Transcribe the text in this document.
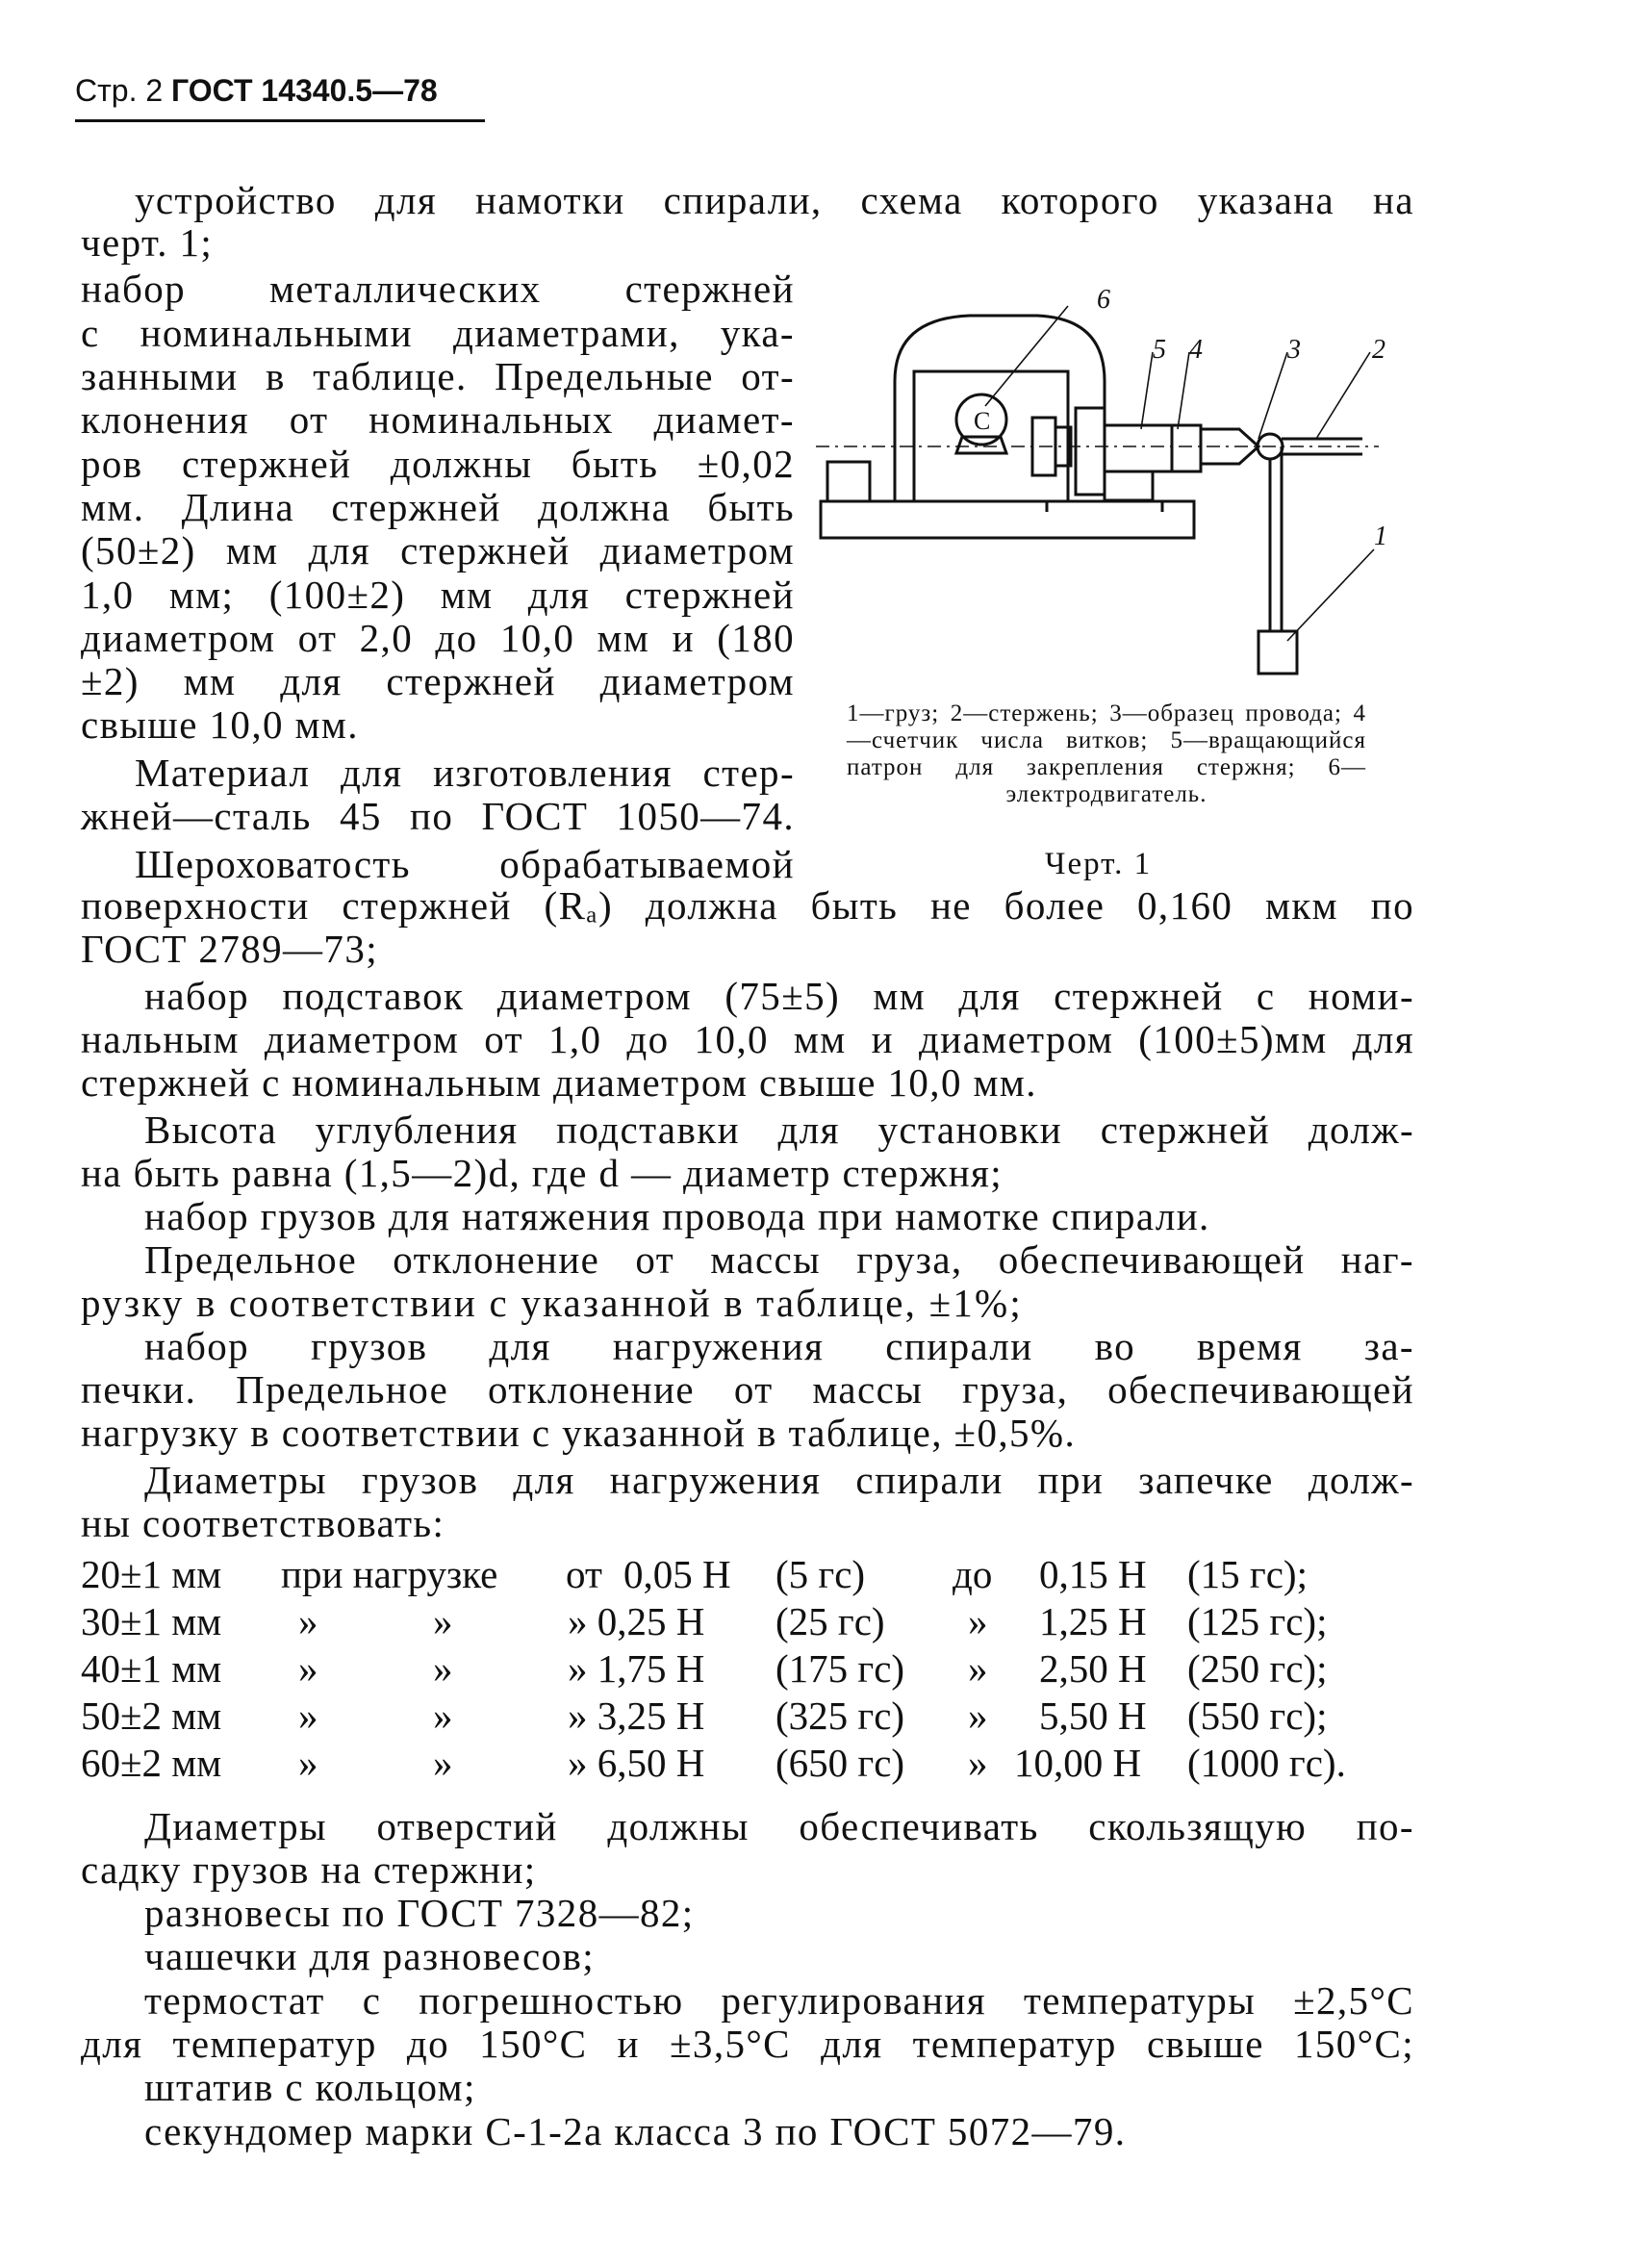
Стр. 2 ГОСТ 14340.5—78
устройство для намотки спирали, схема которого указана на
черт. 1;
набор металлических стержней
с номинальными диаметрами, ука-
занными в таблице. Предельные от-
клонения от номинальных диамет-
ров стержней должны быть ±0,02
мм. Длина стержней должна быть
(50±2) мм для стержней диаметром
1,0 мм; (100±2) мм для стержней
диаметром от 2,0 до 10,0 мм и (180
±2) мм для стержней диаметром
свыше 10,0 мм.
Материал для изготовления стер-
жней—сталь 45 по ГОСТ 1050—74.
Шероховатость обрабатываемой
6
5 4	3	2
1
С
1—груз; 2—стержень; 3—образец провода; 4—счетчик числа витков; 5—вращающийся патрон для закрепления стержня; 6—электродвигатель.
Черт. 1
поверхности стержней (Rₐ) должна быть не более 0,160 мкм по
ГОСТ 2789—73;
набор подставок диаметром (75±5) мм для стержней с номи-
нальным диаметром от 1,0 до 10,0 мм и диаметром (100±5)мм для
стержней с номинальным диаметром свыше 10,0 мм.
Высота углубления подставки для установки стержней долж-
на быть равна (1,5—2)d, где d — диаметр стержня;
набор грузов для натяжения провода при намотке спирали.
Предельное отклонение от массы груза, обеспечивающей наг-
рузку в соответствии с указанной в таблице, ±1%;
набор грузов для нагружения спирали во время за-
печки. Предельное отклонение от массы груза, обеспечивающей
нагрузку в соответствии с указанной в таблице, ±0,5%.
Диаметры грузов для нагружения спирали при запечке долж-
ны соответствовать:
20±1 мм при нагрузке от 0,05 Н (5 гс) до 0,15 Н (15 гс);
30±1 мм »	»	» 0,25 Н (25 гс) » 1,25 Н (125 гс);
40±1 мм »	»	» 1,75 Н (175 гс) » 2,50 Н (250 гс);
50±2 мм »	»	» 3,25 Н (325 гс) » 5,50 Н (550 гс);
60±2 мм »	»	» 6,50 Н (650 гс) » 10,00 Н (1000 гс).
Диаметры отверстий должны обеспечивать скользящую по-
садку грузов на стержни;
разновесы по ГОСТ 7328—82;
чашечки для разновесов;
термостат с погрешностью регулирования температуры ±2,5°С
для температур до 150°С и ±3,5°С для температур свыше 150°С;
штатив с кольцом;
секундомер марки С-1-2а класса 3 по ГОСТ 5072—79.
